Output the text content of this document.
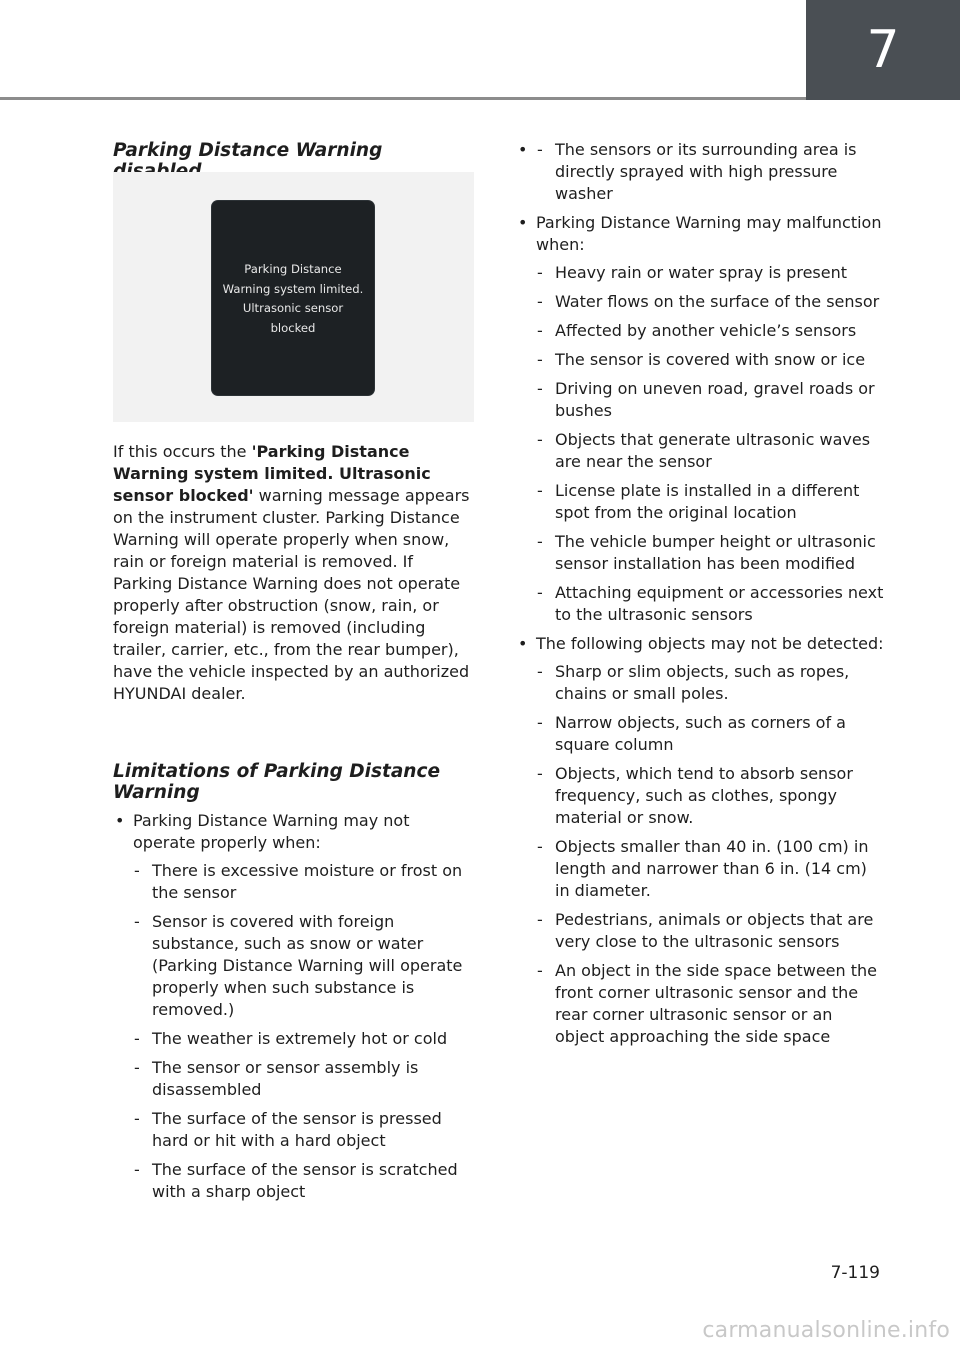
7
Parking Distance Warning
Parking Distance
Warning system limited.
Ultrasonic sensor
blocked

If this occurs the 'Parking Distance Warning system limited. Ultrasonic sensor blocked' warning message appears on the instrument cluster. Parking Distance Warning will operate properly when snow, rain or foreign material is removed. If Parking Distance Warning does not operate properly after obstruction (snow, rain, or foreign material) is removed (including trailer, carrier, etc., from the rear bumper), have the vehicle inspected by an authorized HYUNDAI dealer.

Limitations of Parking Distance Warning
• Parking Distance Warning may not operate properly when:
- There is excessive moisture or frost on the sensor
- Sensor is covered with foreign substance, such as snow or water (Parking Distance Warning will operate properly when such substance is removed.)
- The weather is extremely hot or cold
- The sensor or sensor assembly is disassembled
- The surface of the sensor is pressed hard or hit with a hard object
- The surface of the sensor is scratched with a sharp object
- • The sensors or its surrounding area is directly sprayed with high pressure washer
• Parking Distance Warning may malfunction when:
- Heavy rain or water spray is present
- Water flows on the surface of the sensor
- Affected by another vehicle’s sensors
- The sensor is covered with snow or ice
- Driving on uneven road, gravel roads or bushes
- Objects that generate ultrasonic waves are near the sensor
- License plate is installed in a different spot from the original location
- The vehicle bumper height or ultrasonic sensor installation has been modified
- Attaching equipment or accessories next to the ultrasonic sensors
• The following objects may not be detected:
- Sharp or slim objects, such as ropes, chains or small poles.
- Narrow objects, such as corners of a square column
- Objects, which tend to absorb sensor frequency, such as clothes, spongy material or snow.
- Objects smaller than 40 in. (100 cm) in length and narrower than 6 in. (14 cm) in diameter.
- Pedestrians, animals or objects that are very close to the ultrasonic sensors
- An object in the side space between the front corner ultrasonic sensor and the rear corner ultrasonic sensor or an object approaching the side space
7-119
carmanualsonline.info
